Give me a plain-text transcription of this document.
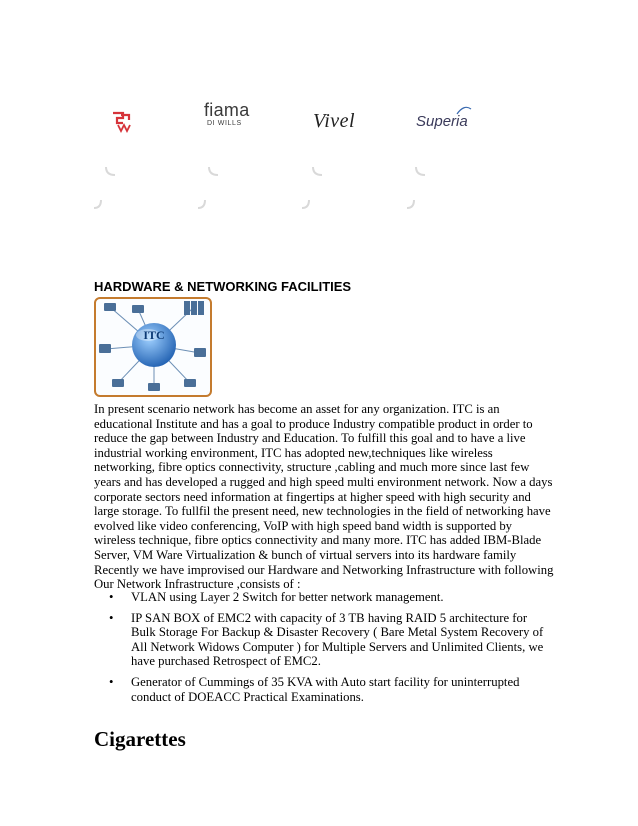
fiama
DI WILLS	Vivel	Superia
HARDWARE & NETWORKING FACILITIES
ITC

In present scenario network has become an asset for any organization. ITC is an educational Institute and has a goal to produce Industry compatible product in order to reduce the gap between Industry and Education. To fulfill this goal and to have a live industrial working environment, ITC has adopted new,techniques like wireless networking, fibre optics connectivity, structure ,cabling and much more since last few years and has developed a rugged and high speed multi environment network. Now a days corporate sectors need information at fingertips at higher speed with high security and large storage. To fullfil the present need, new technologies in the field of networking have evolved like video conferencing, VoIP with high speed band width is supported by wireless technique, fibre optics connectivity and many more. ITC has added IBM-Blade Server, VM Ware Virtualization & bunch of virtual servers into its hardware family Recently we have improvised our Hardware and Networking Infrastructure with following Our Network Infrastructure ,consists of :

• VLAN using Layer 2 Switch for better network management.
• IP SAN BOX of EMC2 with capacity of 3 TB having RAID 5 architecture for Bulk Storage For Backup & Disaster Recovery ( Bare Metal System Recovery of All Network Widows Computer ) for Multiple Servers and Unlimited Clients, we have purchased Retrospect of EMC2.
• Generator of Cummings of 35 KVA with Auto start facility for uninterrupted conduct of DOEACC Practical Examinations.
Cigarettes
